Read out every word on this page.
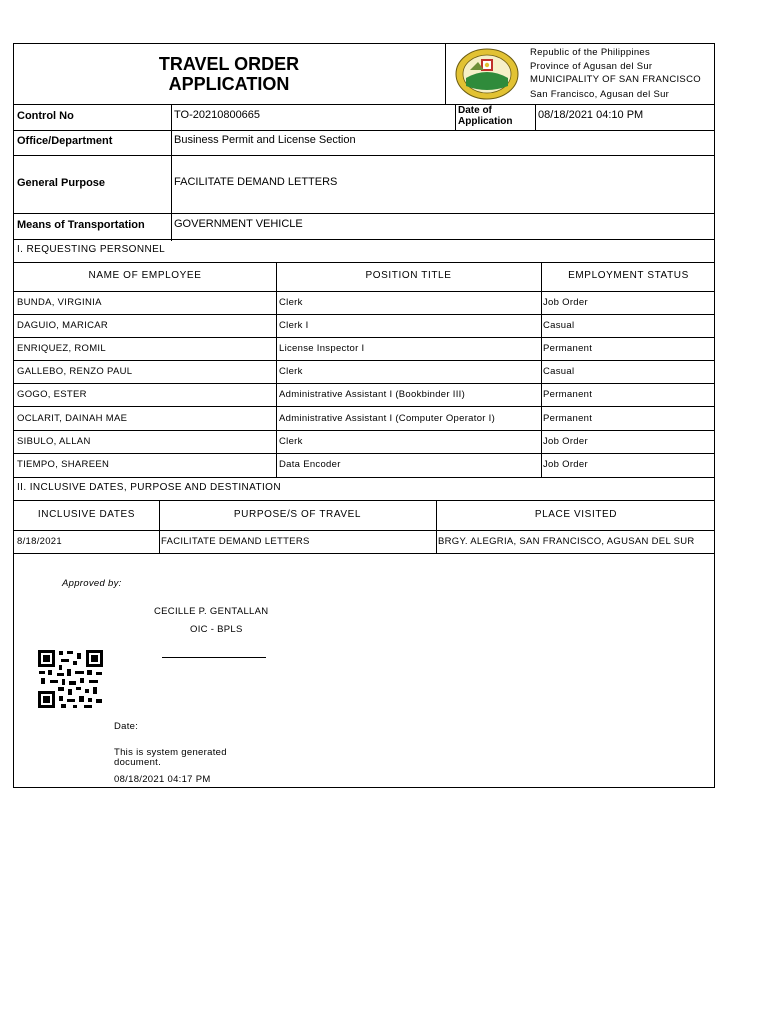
TRAVEL ORDER
APPLICATION
Republic of the Philippines
Province of Agusan del Sur
MUNICIPALITY OF SAN FRANCISCO
San Francisco, Agusan del Sur
Control No	TO-20210800665	Date of
Application
08/18/2021 04:10 PM
Office/Department	Business Permit and License Section
General Purpose	FACILITATE DEMAND LETTERS
Means of Transportation	GOVERNMENT VEHICLE
I. REQUESTING PERSONNEL
NAME OF EMPLOYEE	POSITION TITLE	EMPLOYMENT STATUS
BUNDA, VIRGINIA	Clerk	Job Order
DAGUIO, MARICAR	Clerk I	Casual
ENRIQUEZ, ROMIL	License Inspector I	Permanent
GALLEBO, RENZO PAUL	Clerk	Casual
GOGO, ESTER	Administrative Assistant I (Bookbinder III)	Permanent
OCLARIT, DAINAH MAE	Administrative Assistant I (Computer Operator I)	Permanent
SIBULO, ALLAN	Clerk	Job Order
TIEMPO, SHAREEN	Data Encoder	Job Order
II. INCLUSIVE DATES, PURPOSE AND DESTINATION
INCLUSIVE DATES	PURPOSE/S OF TRAVEL	PLACE VISITED
8/18/2021	FACILITATE DEMAND LETTERS	BRGY. ALEGRIA, SAN FRANCISCO, AGUSAN DEL SUR
Approved by:
CECILLE P. GENTALLAN
OIC - BPLS
Date:
This is system generated
document.
08/18/2021 04:17 PM
